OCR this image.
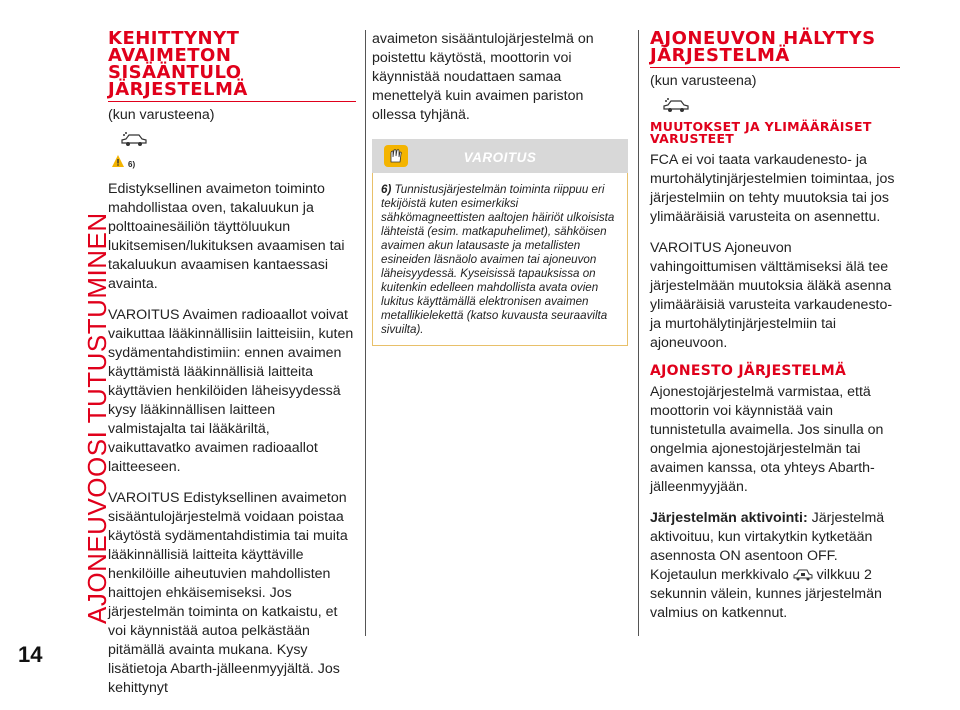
AJONEUVOOSI TUTUSTUMINEN
14
KEHITTYNYT AVAIMETON SISÄÄNTULO JÄRJESTELMÄ
(kun varusteena)
6)

Edistyksellinen avaimeton toiminto mahdollistaa oven, takaluukun ja polttoainesäiliön täyttöluukun lukitsemisen/lukituksen avaamisen tai takaluukun avaamisen kantaessasi avainta.

VAROITUS Avaimen radioaallot voivat vaikuttaa lääkinnällisiin laitteisiin, kuten sydämentahdistimiin: ennen avaimen käyttämistä lääkinnällisiä laitteita käyttävien henkilöiden läheisyydessä kysy lääkinnällisen laitteen valmistajalta tai lääkäriltä, vaikuttavatko avaimen radioaallot laitteeseen.

VAROITUS Edistyksellinen avaimeton sisääntulojärjestelmä voidaan poistaa käytöstä sydämentahdistimia tai muita lääkinnällisiä laitteita käyttäville henkilöille aiheutuvien mahdollisten haittojen ehkäisemiseksi. Jos järjestelmän toiminta on katkaistu, et voi käynnistää autoa pelkästään pitämällä avainta mukana. Kysy lisätietoja Abarth-jälleenmyyjältä. Jos kehittynyt

avaimeton sisääntulojärjestelmä on poistettu käytöstä, moottorin voi käynnistää noudattaen samaa menettelyä kuin avaimen pariston ollessa tyhjänä.

VAROITUS
6) Tunnistusjärjestelmän toiminta riippuu eri tekijöistä kuten esimerkiksi sähkömagneettisten aaltojen häiriöt ulkoisista lähteistä (esim. matkapuhelimet), sähköisen avaimen akun latausaste ja metallisten esineiden läsnäolo avaimen tai ajoneuvon läheisyydessä. Kyseisissä tapauksissa on kuitenkin edelleen mahdollista avata ovien lukitus käyttämällä elektronisen avaimen metallikielekettä (katso kuvausta seuraavilta sivuilta).
AJONEUVON HÄLYTYS JÄRJESTELMÄ
(kun varusteena)
MUUTOKSET JA YLIMÄÄRÄISET VARUSTEET

FCA ei voi taata varkaudenesto- ja murtohälytinjärjestelmien toimintaa, jos järjestelmiin on tehty muutoksia tai jos ylimääräisiä varusteita on asennettu.

VAROITUS Ajoneuvon vahingoittumisen välttämiseksi älä tee järjestelmään muutoksia äläkä asenna ylimääräisiä varusteita varkaudenesto- ja murtohälytinjärjestelmiin tai ajoneuvoon.

AJONESTO JÄRJESTELMÄ

Ajonestojärjestelmä varmistaa, että moottorin voi käynnistää vain tunnistetulla avaimella. Jos sinulla on ongelmia ajonestojärjestelmän tai avaimen kanssa, ota yhteys Abarth-jälleenmyyjään.

Järjestelmän aktivointi: Järjestelmä aktivoituu, kun virtakytkin kytketään asennosta ON asentoon OFF. Kojetaulun merkkivalo  vilkkuu 2 sekunnin välein, kunnes järjestelmän valmius on katkennut.
